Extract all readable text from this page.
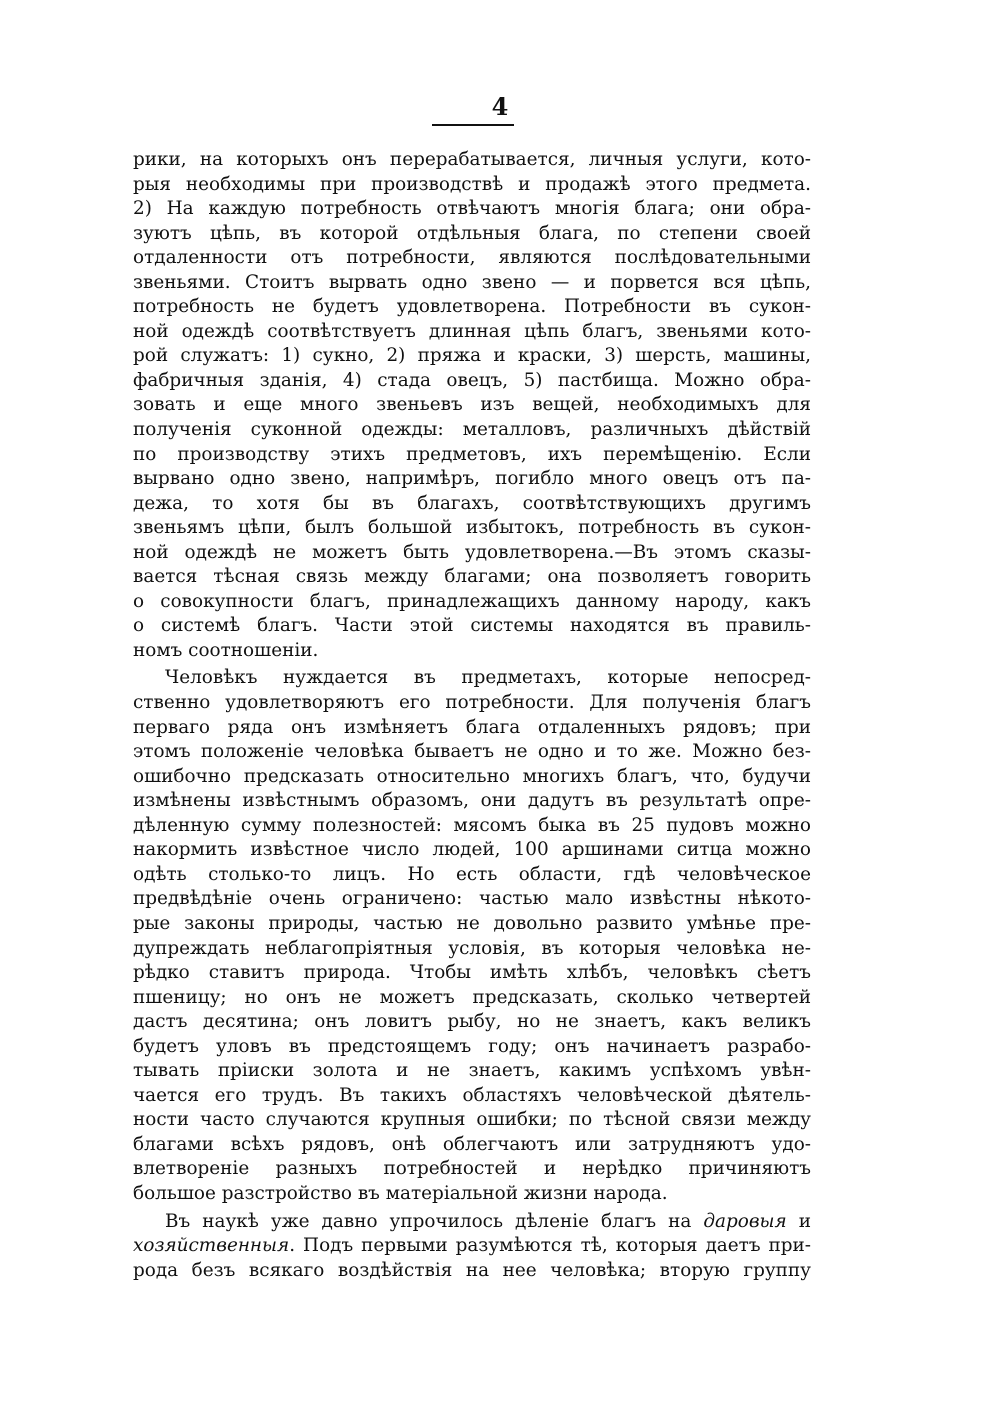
4
рики, на которыхъ онъ перерабатывается, личныя услуги, кото-
рыя необходимы при производствѣ и продажѣ этого предмета.
2) На каждую потребность отвѣчаютъ многія блага; они обра-
зуютъ цѣпь, въ которой отдѣльныя блага, по степени своей
отдаленности отъ потребности, являются послѣдовательными
звеньями. Стоитъ вырвать одно звено — и порвется вся цѣпь,
потребность не будетъ удовлетворена. Потребности въ сукон-
ной одеждѣ соотвѣтствуетъ длинная цѣпь благъ, звеньями кото-
рой служатъ: 1) сукно, 2) пряжа и краски, 3) шерсть, машины,
фабричныя зданія, 4) стада овецъ, 5) пастбища. Можно обра-
зовать и еще много звеньевъ изъ вещей, необходимыхъ для
полученія суконной одежды: металловъ, различныхъ дѣйствій
по производству этихъ предметовъ, ихъ перемѣщенію. Если
вырвано одно звено, напримѣръ, погибло много овецъ отъ па-
дежа, то хотя бы въ благахъ, соотвѣтствующихъ другимъ
звеньямъ цѣпи, былъ большой избытокъ, потребность въ сукон-
ной одеждѣ не можетъ быть удовлетворена.—Въ этомъ сказы-
вается тѣсная связь между благами; она позволяетъ говорить
о совокупности благъ, принадлежащихъ данному народу, какъ
о системѣ благъ. Части этой системы находятся въ правиль-
номъ соотношеніи.
Человѣкъ нуждается въ предметахъ, которые непосред-
ственно удовлетворяютъ его потребности. Для полученія благъ
перваго ряда онъ измѣняетъ блага отдаленныхъ рядовъ; при
этомъ положеніе человѣка бываетъ не одно и то же. Можно без-
ошибочно предсказать относительно многихъ благъ, что, будучи
измѣнены извѣстнымъ образомъ, они дадутъ въ результатѣ опре-
дѣленную сумму полезностей: мясомъ быка въ 25 пудовъ можно
накормить извѣстное число людей, 100 аршинами ситца можно
одѣть столько-то лицъ. Но есть области, гдѣ человѣческое
предвѣдѣніе очень ограничено: частью мало извѣстны нѣкото-
рые законы природы, частью не довольно развито умѣнье пре-
дупреждать неблагопріятныя условія, въ которыя человѣка не-
рѣдко ставитъ природа. Чтобы имѣть хлѣбъ, человѣкъ сѣетъ
пшеницу; но онъ не можетъ предсказать, сколько четвертей
дастъ десятина; онъ ловитъ рыбу, но не знаетъ, какъ великъ
будетъ уловъ въ предстоящемъ году; онъ начинаетъ разрабо-
тывать пріиски золота и не знаетъ, какимъ успѣхомъ увѣн-
чается его трудъ. Въ такихъ областяхъ человѣческой дѣятель-
ности часто случаются крупныя ошибки; по тѣсной связи между
благами всѣхъ рядовъ, онѣ облегчаютъ или затрудняютъ удо-
влетвореніе разныхъ потребностей и нерѣдко причиняютъ
большое разстройство въ матеріальной жизни народа.
Въ наукѣ уже давно упрочилось дѣленіе благъ на даровыя и
хозяйственныя. Подъ первыми разумѣются тѣ, которыя даетъ при-
рода безъ всякаго воздѣйствія на нее человѣка; вторую группу
